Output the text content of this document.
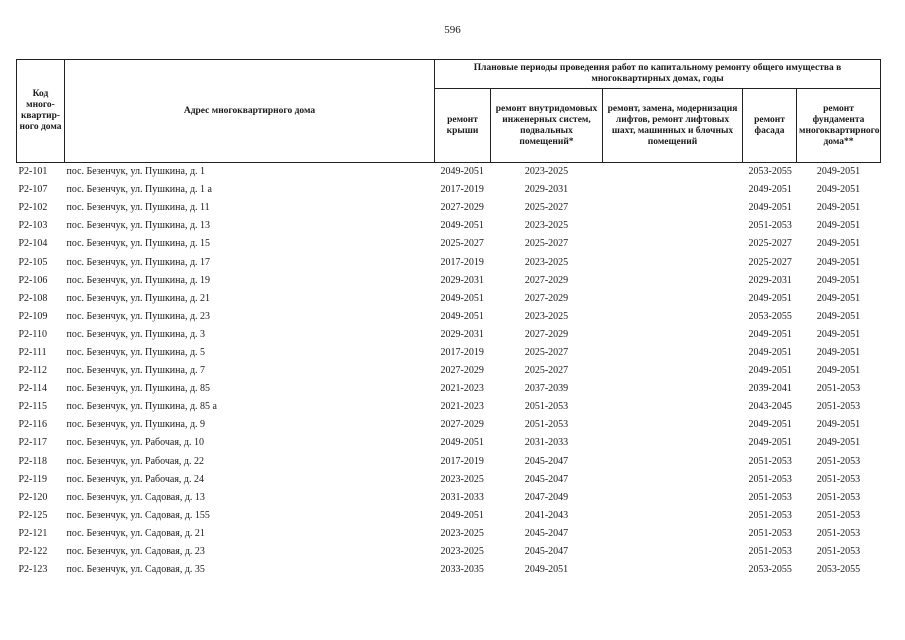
596
Код много-квартир-ного дома	Адрес многоквартирного дома	Плановые периоды проведения работ по капитальному ремонту общего имущества в многоквартирных домах, годы				
		ремонт крыши	ремонт внутридомовых инженерных систем, подвальных помещений*	ремонт, замена, модернизация лифтов, ремонт лифтовых шахт, машинных и блочных помещений	ремонт фасада	ремонт фундамента многоквартирного дома**
P2-101	пос. Безенчук, ул. Пушкина, д. 1	2049-2051	2023-2025		2053-2055	2049-2051
P2-107	пос. Безенчук, ул. Пушкина, д. 1 а	2017-2019	2029-2031		2049-2051	2049-2051
P2-102	пос. Безенчук, ул. Пушкина, д. 11	2027-2029	2025-2027		2049-2051	2049-2051
P2-103	пос. Безенчук, ул. Пушкина, д. 13	2049-2051	2023-2025		2051-2053	2049-2051
P2-104	пос. Безенчук, ул. Пушкина, д. 15	2025-2027	2025-2027		2025-2027	2049-2051
P2-105	пос. Безенчук, ул. Пушкина, д. 17	2017-2019	2023-2025		2025-2027	2049-2051
P2-106	пос. Безенчук, ул. Пушкина, д. 19	2029-2031	2027-2029		2029-2031	2049-2051
P2-108	пос. Безенчук, ул. Пушкина, д. 21	2049-2051	2027-2029		2049-2051	2049-2051
P2-109	пос. Безенчук, ул. Пушкина, д. 23	2049-2051	2023-2025		2053-2055	2049-2051
P2-110	пос. Безенчук, ул. Пушкина, д. 3	2029-2031	2027-2029		2049-2051	2049-2051
P2-111	пос. Безенчук, ул. Пушкина, д. 5	2017-2019	2025-2027		2049-2051	2049-2051
P2-112	пос. Безенчук, ул. Пушкина, д. 7	2027-2029	2025-2027		2049-2051	2049-2051
P2-114	пос. Безенчук, ул. Пушкина, д. 85	2021-2023	2037-2039		2039-2041	2051-2053
P2-115	пос. Безенчук, ул. Пушкина, д. 85 а	2021-2023	2051-2053		2043-2045	2051-2053
P2-116	пос. Безенчук, ул. Пушкина, д. 9	2027-2029	2051-2053		2049-2051	2049-2051
P2-117	пос. Безенчук, ул. Рабочая, д. 10	2049-2051	2031-2033		2049-2051	2049-2051
P2-118	пос. Безенчук, ул. Рабочая, д. 22	2017-2019	2045-2047		2051-2053	2051-2053
P2-119	пос. Безенчук, ул. Рабочая, д. 24	2023-2025	2045-2047		2051-2053	2051-2053
P2-120	пос. Безенчук, ул. Садовая, д. 13	2031-2033	2047-2049		2051-2053	2051-2053
P2-125	пос. Безенчук, ул. Садовая, д. 155	2049-2051	2041-2043		2051-2053	2051-2053
P2-121	пос. Безенчук, ул. Садовая, д. 21	2023-2025	2045-2047		2051-2053	2051-2053
P2-122	пос. Безенчук, ул. Садовая, д. 23	2023-2025	2045-2047		2051-2053	2051-2053
P2-123	пос. Безенчук, ул. Садовая, д. 35	2033-2035	2049-2051		2053-2055	2053-2055
